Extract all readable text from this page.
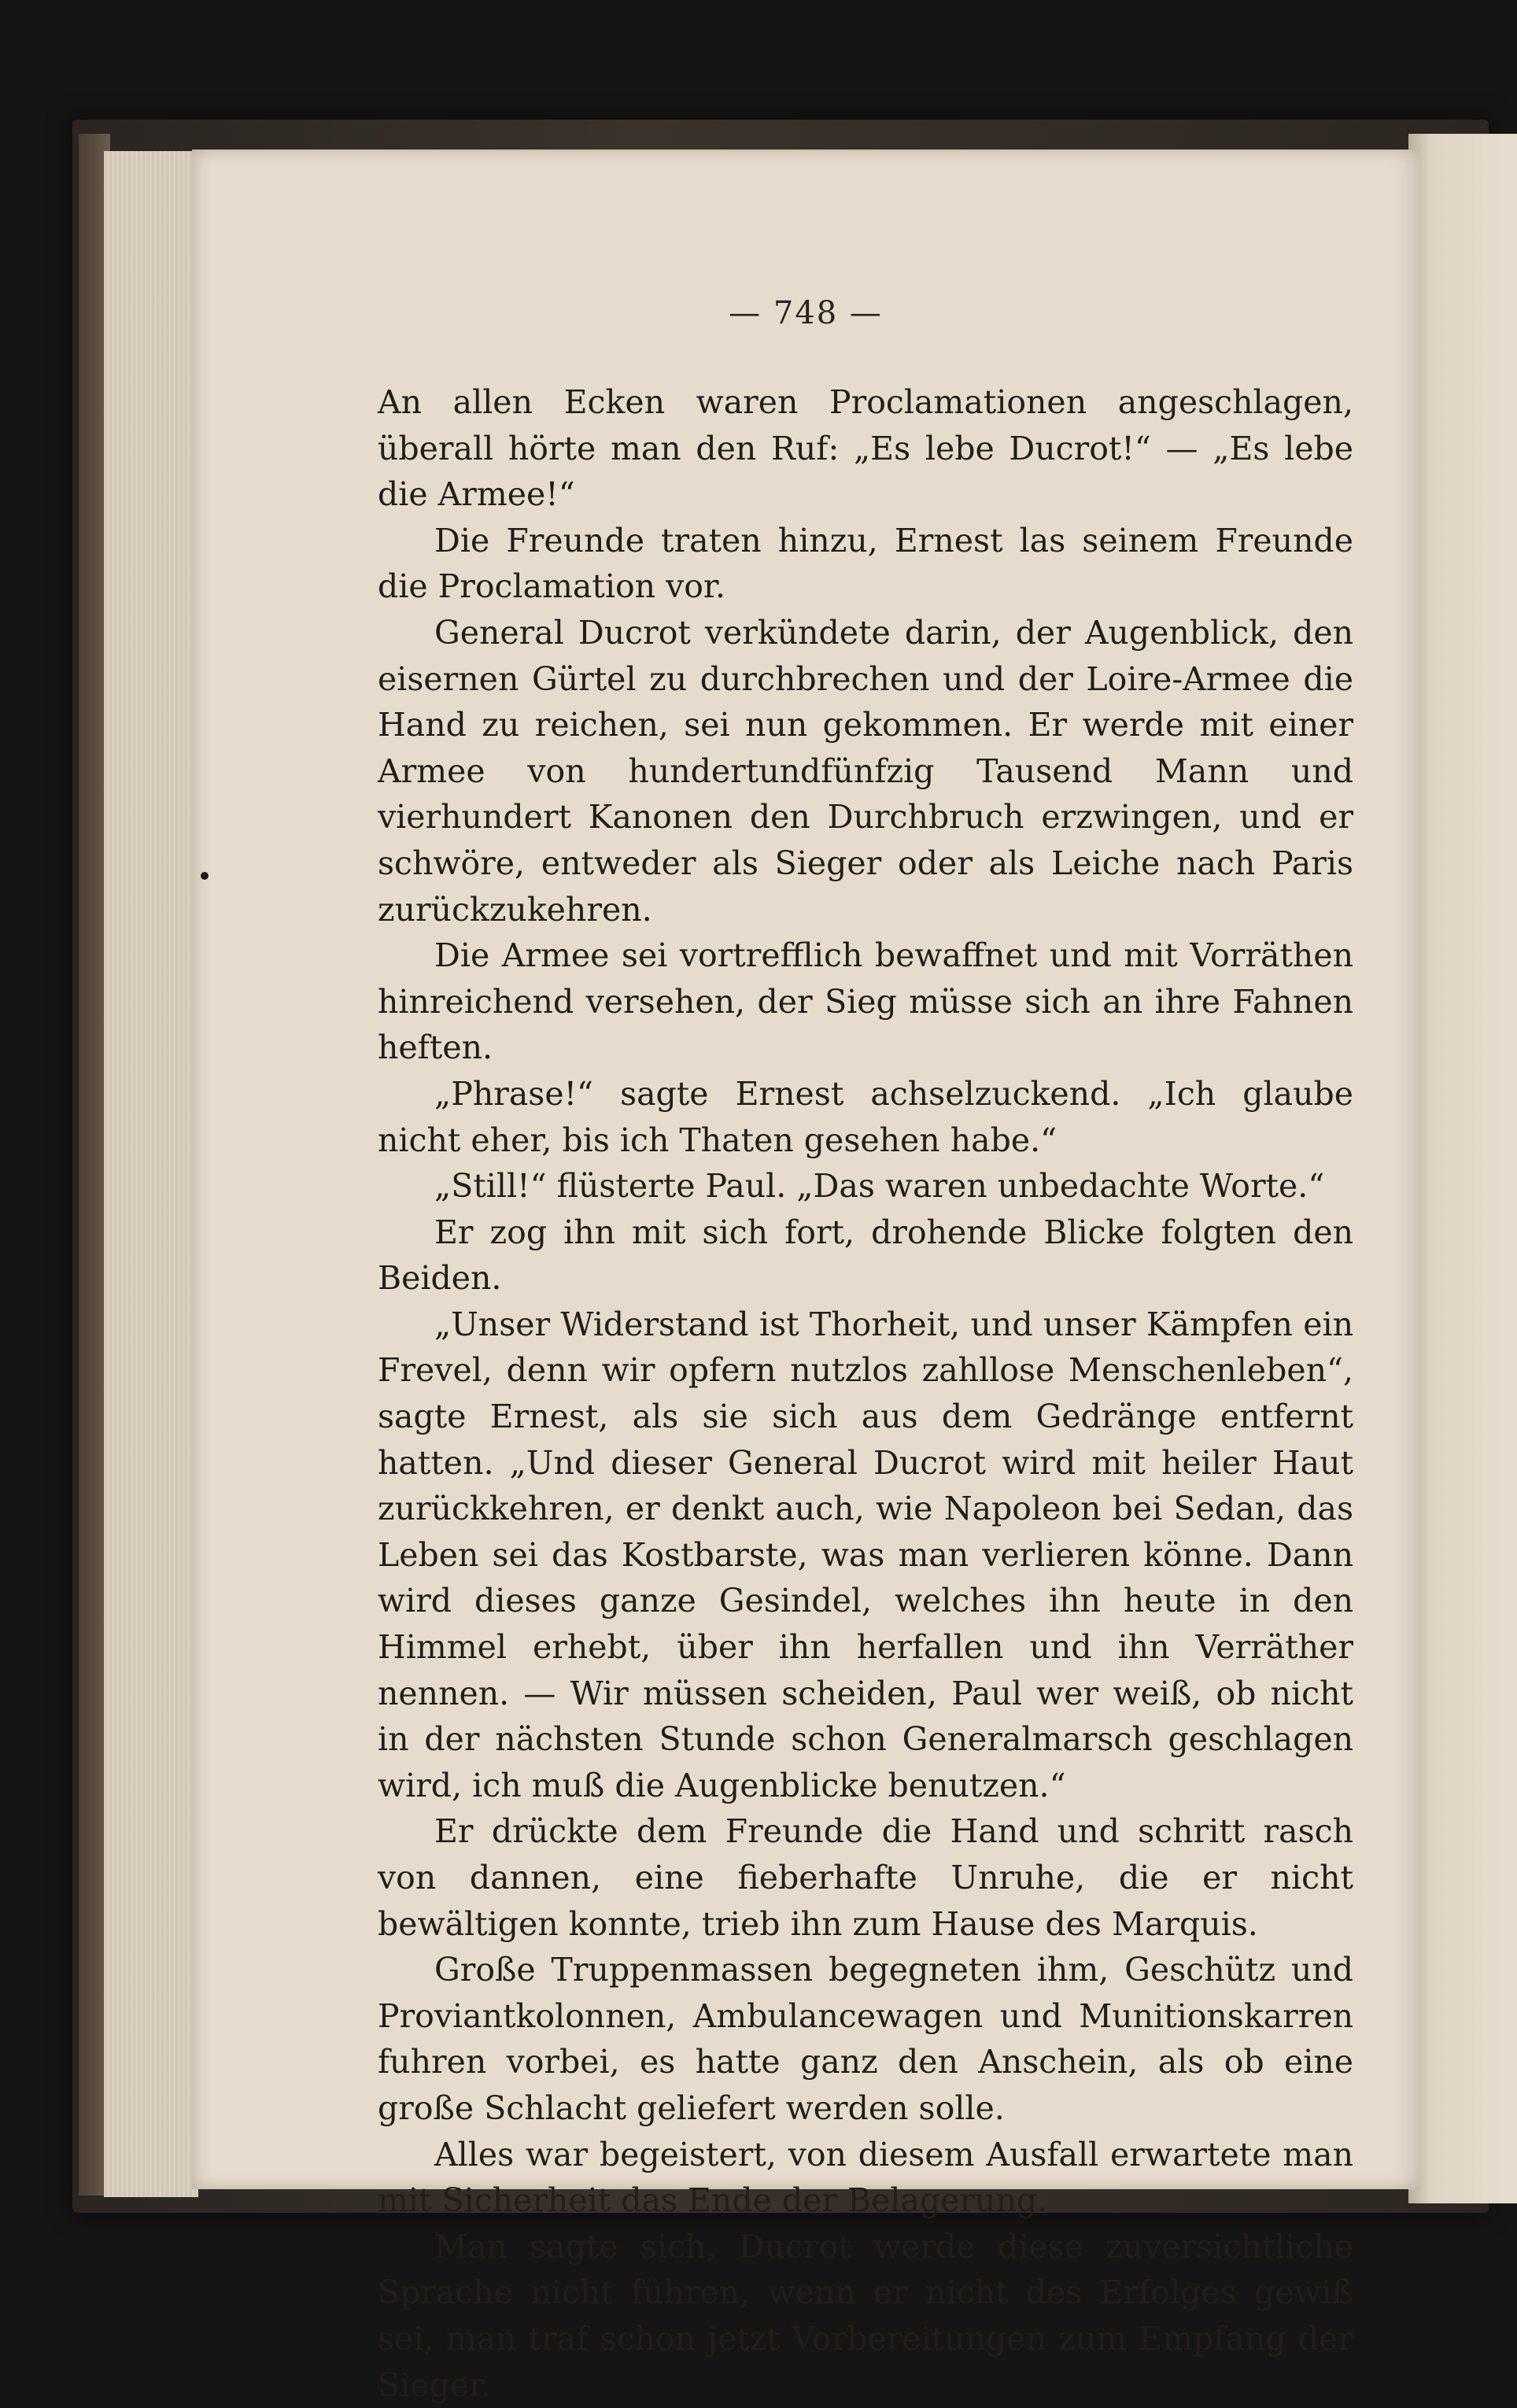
— 748 —

An allen Ecken waren Proclamationen angeschlagen, überall hörte man den Ruf: „Es lebe Ducrot!“ — „Es lebe die Armee!“

Die Freunde traten hinzu, Ernest las seinem Freunde die Proclamation vor.

General Ducrot verkündete darin, der Augenblick, den eisernen Gürtel zu durchbrechen und der Loire-Armee die Hand zu reichen, sei nun gekommen. Er werde mit einer Armee von hundertundfünfzig Tausend Mann und vierhundert Kanonen den Durchbruch erzwingen, und er schwöre, entweder als Sieger oder als Leiche nach Paris zurückzukehren.

Die Armee sei vortrefflich bewaffnet und mit Vorräthen hinreichend versehen, der Sieg müsse sich an ihre Fahnen heften.

„Phrase!“ sagte Ernest achselzuckend. „Ich glaube nicht eher, bis ich Thaten gesehen habe.“

„Still!“ flüsterte Paul. „Das waren unbedachte Worte.“

Er zog ihn mit sich fort, drohende Blicke folgten den Beiden.

„Unser Widerstand ist Thorheit, und unser Kämpfen ein Frevel, denn wir opfern nutzlos zahllose Menschenleben“, sagte Ernest, als sie sich aus dem Gedränge entfernt hatten. „Und dieser General Ducrot wird mit heiler Haut zurückkehren, er denkt auch, wie Napoleon bei Sedan, das Leben sei das Kostbarste, was man verlieren könne. Dann wird dieses ganze Gesindel, welches ihn heute in den Himmel erhebt, über ihn herfallen und ihn Verräther nennen. — Wir müssen scheiden, Paul wer weiß, ob nicht in der nächsten Stunde schon Generalmarsch geschlagen wird, ich muß die Augenblicke benutzen.“

Er drückte dem Freunde die Hand und schritt rasch von dannen, eine fieberhafte Unruhe, die er nicht bewältigen konnte, trieb ihn zum Hause des Marquis.

Große Truppenmassen begegneten ihm, Geschütz und Proviantkolonnen, Ambulancewagen und Munitionskarren fuhren vorbei, es hatte ganz den Anschein, als ob eine große Schlacht geliefert werden solle.

Alles war begeistert, von diesem Ausfall erwartete man mit Sicherheit das Ende der Belagerung.

Man sagte sich, Ducrot werde diese zuversichtliche Sprache nicht führen, wenn er nicht des Erfolges gewiß sei, man traf schon jetzt Vorbereitungen zum Empfang der Sieger.
